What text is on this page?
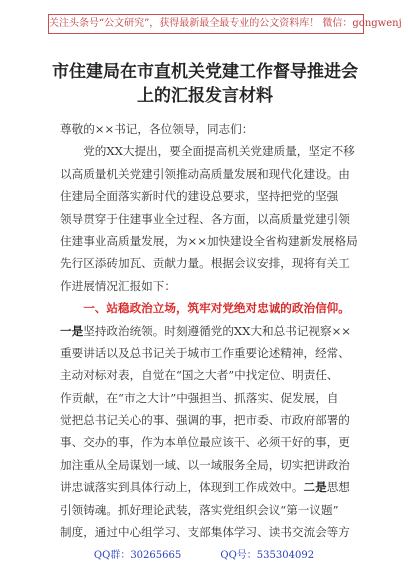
关注头条号“公文研究”，获得最新最全最专业的公文资料库！ 微信：gongwenj
市住建局在市直机关党建工作督导推进会
上的汇报发言材料
尊敬的××书记，各位领导，同志们：
　　党的XX大提出，要全面提高机关党建质量，坚定不移
以高质量机关党建引领推动高质量发展和现代化建设。由
住建局全面落实新时代的建设总要求，坚持把党的坚强
领导贯穿于住建事业全过程、各方面，以高质量党建引领
住建事业高质量发展，为××加快建设全省构建新发展格局
先行区添砖加瓦、贡献力量。根据会议安排，现将有关工
作进展情况汇报如下：
　　一、站稳政治立场，筑牢对党绝对忠诚的政治信仰。
一是坚持政治统领。时刻遵循党的XX大和总书记视察××
重要讲话以及总书记关于城市工作重要论述精神，经常、
主动对标对表，自觉在“国之大者”中找定位、明责任、
作贡献，在“市之大计”中强担当、抓落实、促发展，自
觉把总书记关心的事、强调的事，把市委、市政府部署的
事、交办的事，作为本单位最应该干、必须干好的事，更
加注重从全局谋划一域、以一域服务全局，切实把讲政治
讲忠诚落实到具体行动上，体现到工作成效中。二是思想
引领铸魂。抓好理论武装，落实党组织会议“第一议题”
制度，通过中心组学习、支部集体学习、读书交流会等方
QQ群：30265665	QQ号：535304092
